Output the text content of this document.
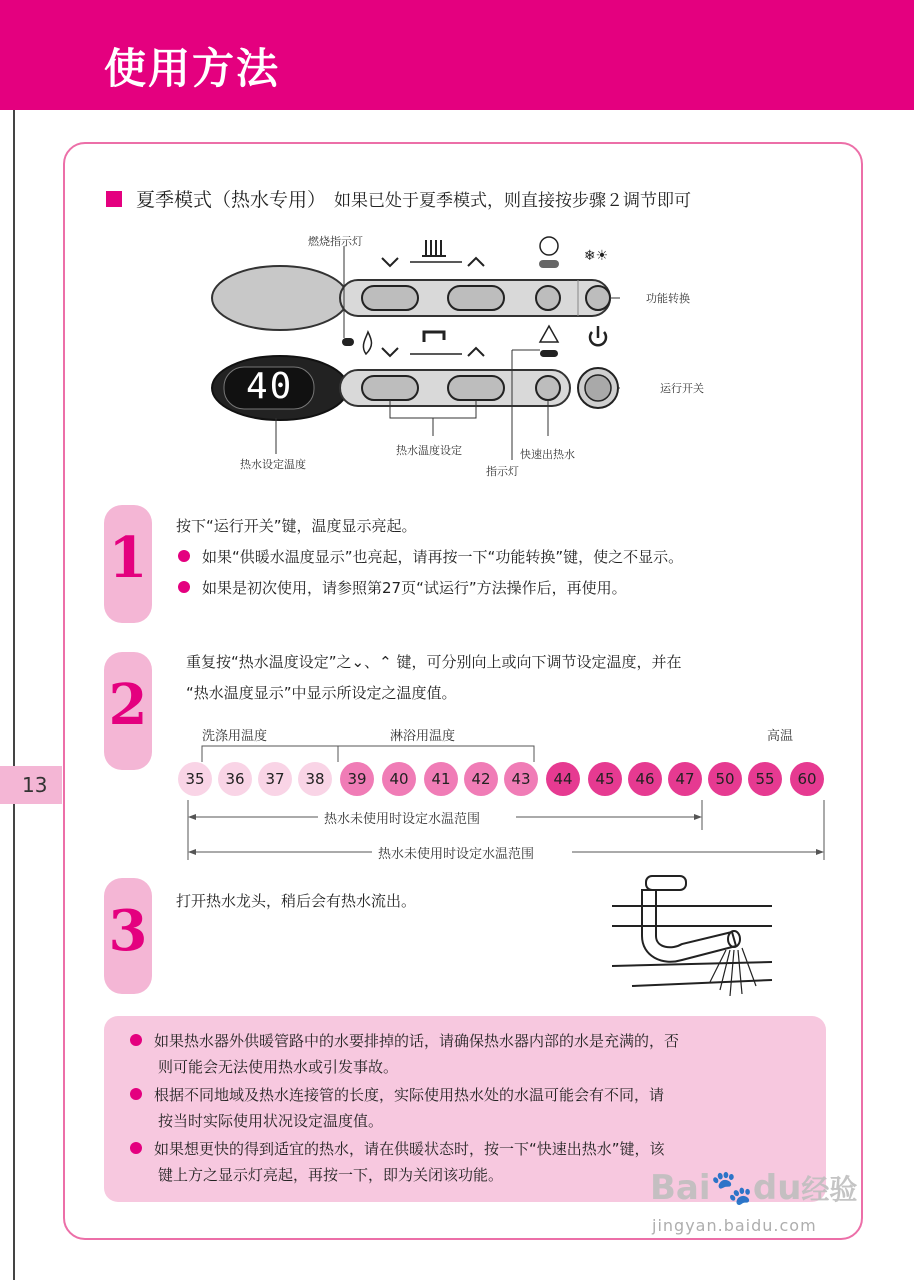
使用方法
13
夏季模式（热水专用） 如果已处于夏季模式，则直接按步骤２调节即可
❄☀
燃烧指示灯
功能转换
运行开关
热水设定温度
热水温度设定	快速出热水
指示灯
40
1	按下“运行开关”键，温度显示亮起。
如果“供暖水温度显示”也亮起，请再按一下“功能转换”键，使之不显示。
如果是初次使用，请参照第27页“试运行”方法操作后，再使用。
2
重复按“热水温度设定”之⌄、⌃ 键，可分别向上或向下调节设定温度，并在
“热水温度显示”中显示所设定之温度值。
洗涤用温度	淋浴用温度	高温
35	36	37	38	39	40	41	42	43	44	45	46	47	50	55	60
热水未使用时设定水温范围
热水未使用时设定水温范围
3	打开热水龙头，稍后会有热水流出。
如果热水器外供暖管路中的水要排掉的话，请确保热水器内部的水是充满的，否
则可能会无法使用热水或引发事故。
根据不同地域及热水连接管的长度，实际使用热水处的水温可能会有不同，请
按当时实际使用状况设定温度值。
如果想更快的得到适宜的热水，请在供暖状态时，按一下“快速出热水”键，该
键上方之显示灯亮起，再按一下，即为关闭该功能。	Bai🐾du经验
jingyan.baidu.com
